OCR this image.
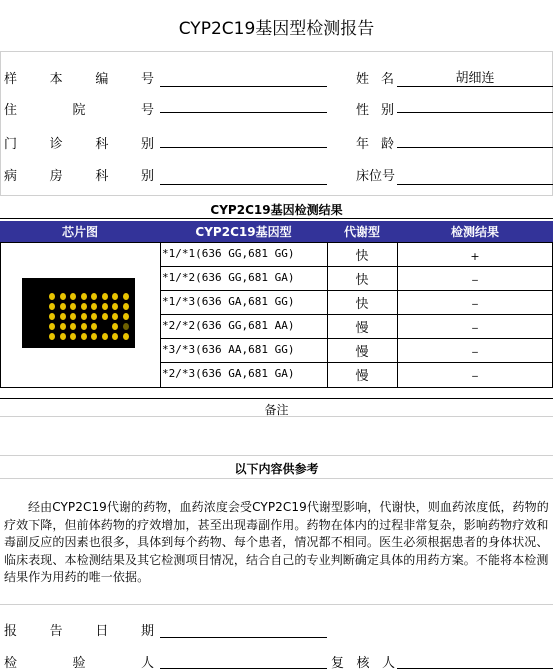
CYP2C19基因型检测报告
样	本	编	号
住	院	号
门	诊	科	别
病	房	科	别
姓 名	胡细连
性 别
年 龄
床位号
CYP2C19基因检测结果
芯片图	CYP2C19基因型	代谢型	检测结果
*1/*1(636 GG,681 GG)	快	+
*1/*2(636 GG,681 GA)	快	_
*1/*3(636 GA,681 GG)	快	_
*2/*2(636 GG,681 AA)	慢	_
*3/*3(636 AA,681 GG)	慢	_
*2/*3(636 GA,681 GA)	慢	_
备注
以下内容供参考
经由CYP2C19代谢的药物，血药浓度会受CYP2C19代谢型影响，代谢快，则血药浓度低，药物的疗效下降，但前体药物的疗效增加，甚至出现毒副作用。药物在体内的过程非常复杂，影响药物疗效和毒副反应的因素也很多，具体到每个药物、每个患者，情况都不相同。医生必须根据患者的身体状况、临床表现、本检测结果及其它检测项目情况，结合自己的专业判断确定具体的用药方案。不能将本检测结果作为用药的唯一依据。
报	告	日	期
检	验	人	复 核 人
